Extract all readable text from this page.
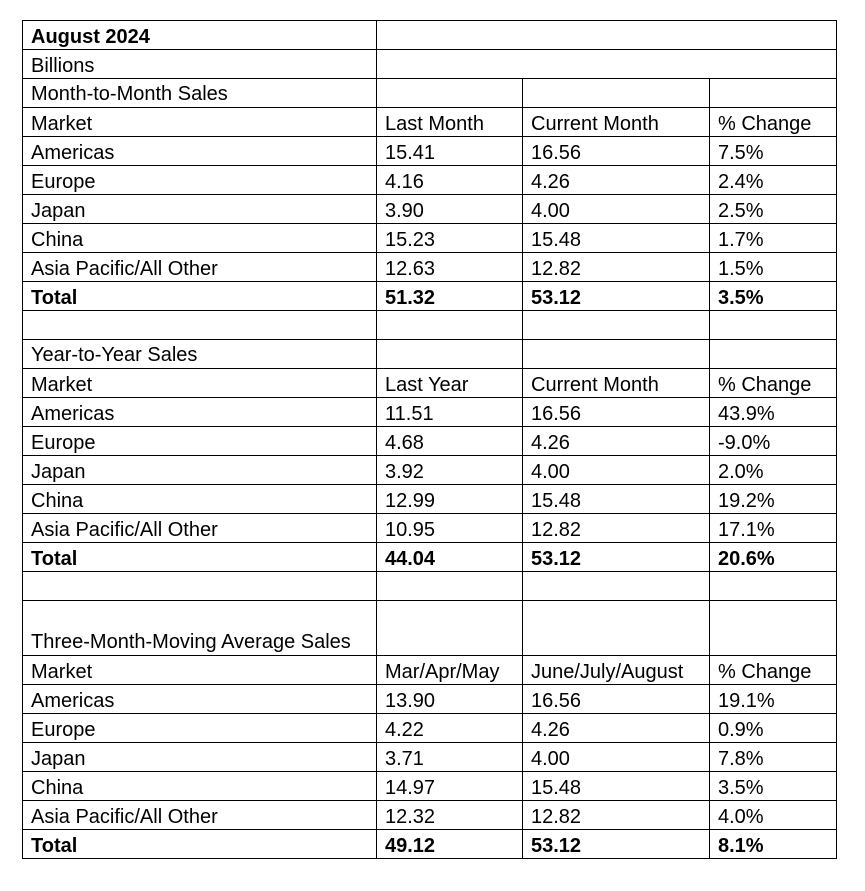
August 2024			
Billions			
Month-to-Month Sales			
Market	Last Month	Current Month	% Change
Americas	15.41	16.56	7.5%
Europe	4.16	4.26	2.4%
Japan	3.90	4.00	2.5%
China	15.23	15.48	1.7%
Asia Pacific/All Other	12.63	12.82	1.5%
Total	51.32	53.12	3.5%

Year-to-Year Sales			
Market	Last Year	Current Month	% Change
Americas	11.51	16.56	43.9%
Europe	4.68	4.26	-9.0%
Japan	3.92	4.00	2.0%
China	12.99	15.48	19.2%
Asia Pacific/All Other	10.95	12.82	17.1%
Total	44.04	53.12	20.6%

Three-Month-Moving Average Sales			
Market	Mar/Apr/May	June/July/August	% Change
Americas	13.90	16.56	19.1%
Europe	4.22	4.26	0.9%
Japan	3.71	4.00	7.8%
China	14.97	15.48	3.5%
Asia Pacific/All Other	12.32	12.82	4.0%
Total	49.12	53.12	8.1%
